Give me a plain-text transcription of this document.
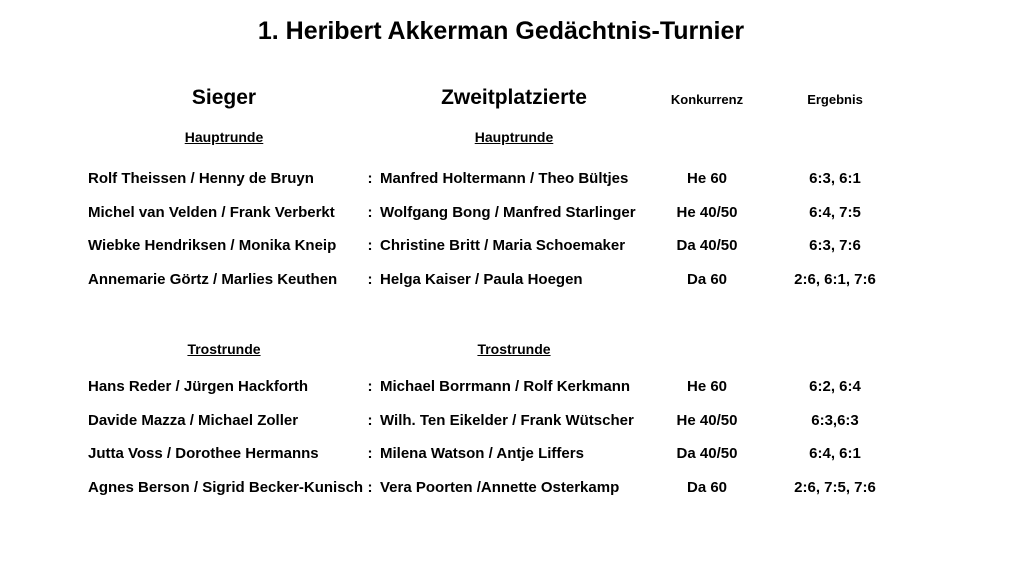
1. Heribert Akkerman Gedächtnis-Turnier
Sieger	Zweitplatzierte	Konkurrenz	Ergebnis
Hauptrunde	Hauptrunde
Rolf Theissen / Henny de Bruyn	: Manfred Holtermann / Theo Bültjes	He 60	6:3, 6:1
Michel van Velden / Frank Verberkt	: Wolfgang Bong / Manfred Starlinger	He 40/50	6:4, 7:5
Wiebke Hendriksen / Monika Kneip	: Christine Britt / Maria Schoemaker	Da 40/50	6:3, 7:6
Annemarie Görtz / Marlies Keuthen	: Helga Kaiser / Paula Hoegen	Da 60	2:6, 6:1, 7:6
Trostrunde	Trostrunde
Hans Reder / Jürgen Hackforth	: Michael Borrmann / Rolf Kerkmann	He 60	6:2, 6:4
Davide Mazza / Michael Zoller	: Wilh. Ten Eikelder / Frank Wütscher	He 40/50	6:3,6:3
Jutta Voss / Dorothee Hermanns	: Milena Watson / Antje Liffers	Da 40/50	6:4, 6:1
Agnes Berson / Sigrid Becker-Kunisch : Vera Poorten /Annette Osterkamp	Da 60	2:6, 7:5, 7:6
